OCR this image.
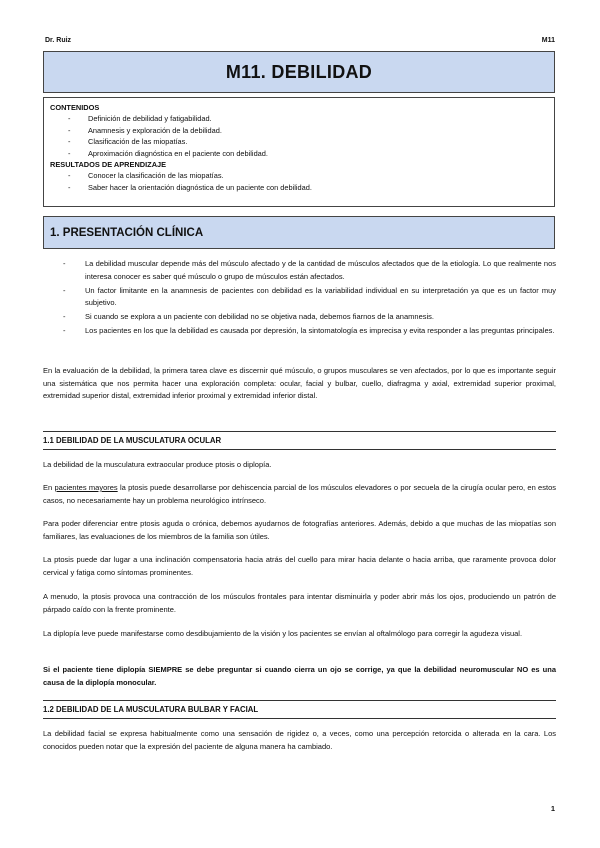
Dr. Ruiz	M11
M11. DEBILIDAD
CONTENIDOS
- Definición de debilidad y fatigabilidad.
- Anamnesis y exploración de la debilidad.
- Clasificación de las miopatías.
- Aproximación diagnóstica en el paciente con debilidad.
RESULTADOS DE APRENDIZAJE
- Conocer la clasificación de las miopatías.
- Saber hacer la orientación diagnóstica de un paciente con debilidad.
1. PRESENTACIÓN CLÍNICA
-	La debilidad muscular depende más del músculo afectado y de la cantidad de músculos afectados que de la etiología. Lo que realmente nos interesa conocer es saber qué músculo o grupo de músculos están afectados.
-	Un factor limitante en la anamnesis de pacientes con debilidad es la variabilidad individual en su interpretación ya que es un factor muy subjetivo.
-	Si cuando se explora a un paciente con debilidad no se objetiva nada, debemos fiarnos de la anamnesis.
-	Los pacientes en los que la debilidad es causada por depresión, la sintomatología es imprecisa y evita responder a las preguntas principales.
En la evaluación de la debilidad, la primera tarea clave es discernir qué músculo, o grupos musculares se ven afectados, por lo que es importante seguir una sistemática que nos permita hacer una exploración completa: ocular, facial y bulbar, cuello, diafragma y axial, extremidad superior proximal, extremidad superior distal, extremidad inferior proximal y extremidad inferior distal.
1.1 DEBILIDAD DE LA MUSCULATURA OCULAR
La debilidad de la musculatura extraocular produce ptosis o diplopía.
En pacientes mayores la ptosis puede desarrollarse por dehiscencia parcial de los músculos elevadores o por secuela de la cirugía ocular pero, en estos casos, no necesariamente hay un problema neurológico intrínseco.
Para poder diferenciar entre ptosis aguda o crónica, debemos ayudarnos de fotografías anteriores. Además, debido a que muchas de las miopatías son familiares, las evaluaciones de los miembros de la familia son útiles.
La ptosis puede dar lugar a una inclinación compensatoria hacia atrás del cuello para mirar hacia delante o hacia arriba, que raramente provoca dolor cervical y fatiga como síntomas prominentes.
A menudo, la ptosis provoca una contracción de los músculos frontales para intentar disminuirla y poder abrir más los ojos, produciendo un patrón de párpado caído con la frente prominente.
La diplopía leve puede manifestarse como desdibujamiento de la visión y los pacientes se envían al oftalmólogo para corregir la agudeza visual.
Si el paciente tiene diplopía SIEMPRE se debe preguntar si cuando cierra un ojo se corrige, ya que la debilidad neuromuscular NO es una causa de la diplopía monocular.
1.2 DEBILIDAD DE LA MUSCULATURA BULBAR Y FACIAL
La debilidad facial se expresa habitualmente como una sensación de rigidez o, a veces, como una percepción retorcida o alterada en la cara. Los conocidos pueden notar que la expresión del paciente de alguna manera ha cambiado.
1
